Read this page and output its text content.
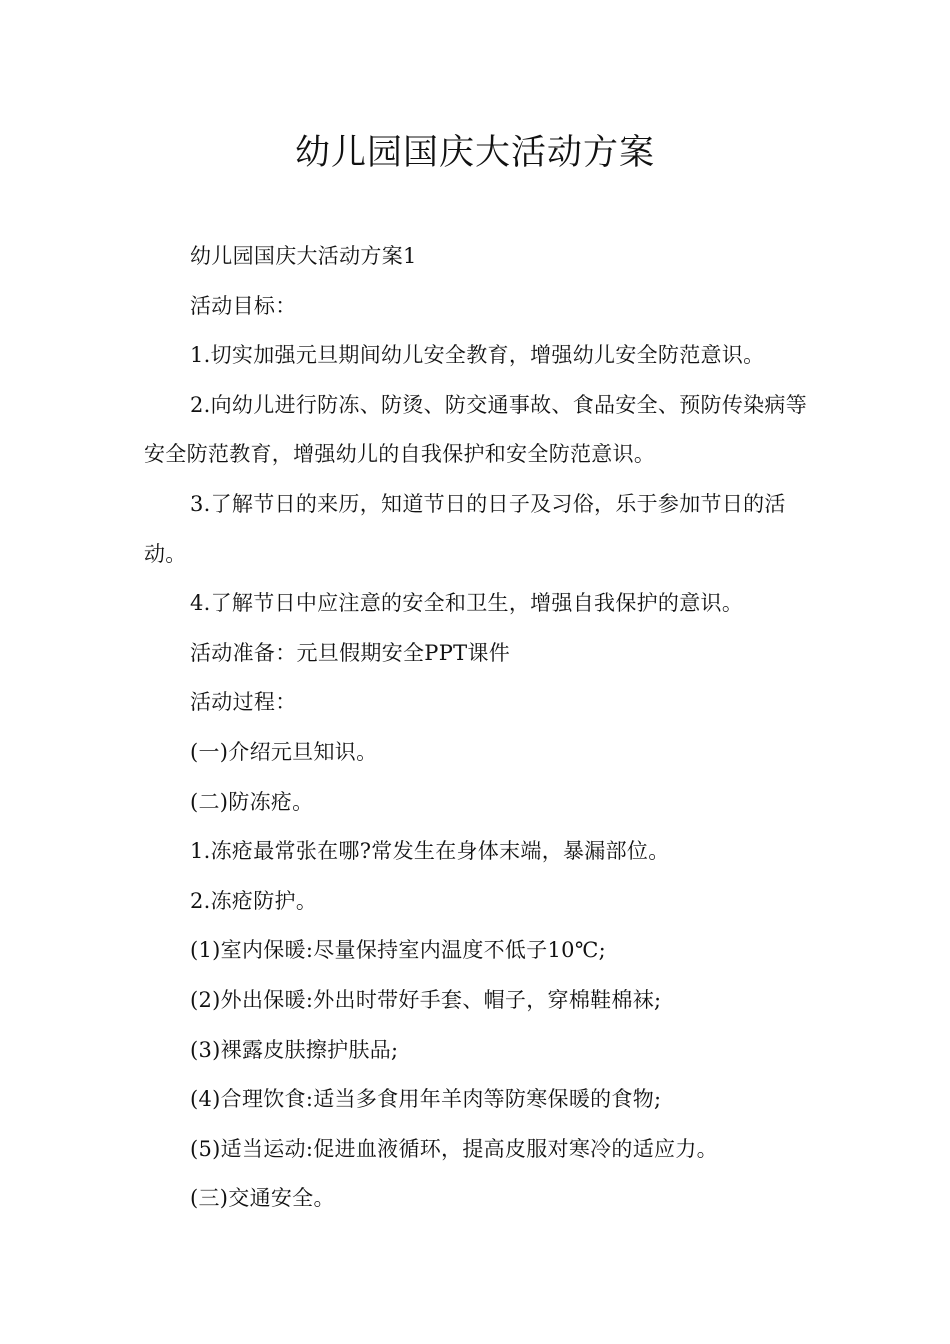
幼儿园国庆大活动方案

幼儿园国庆大活动方案1

活动目标：

1.切实加强元旦期间幼儿安全教育，增强幼儿安全防范意识。

2.向幼儿进行防冻、防烫、防交通事故、食品安全、预防传染病等安全防范教育，增强幼儿的自我保护和安全防范意识。

3.了解节日的来历，知道节日的日子及习俗，乐于参加节日的活动。

4.了解节日中应注意的安全和卫生，增强自我保护的意识。

活动准备：元旦假期安全PPT课件

活动过程：

(一)介绍元旦知识。

(二)防冻疮。

1.冻疮最常张在哪?常发生在身体末端，暴漏部位。

2.冻疮防护。

(1)室内保暖:尽量保持室内温度不低子10℃;

(2)外出保暖:外出时带好手套、帽子，穿棉鞋棉袜;

(3)裸露皮肤擦护肤品;

(4)合理饮食:适当多食用年羊肉等防寒保暖的食物;

(5)适当运动:促进血液循环，提高皮服对寒冷的适应力。

(三)交通安全。
